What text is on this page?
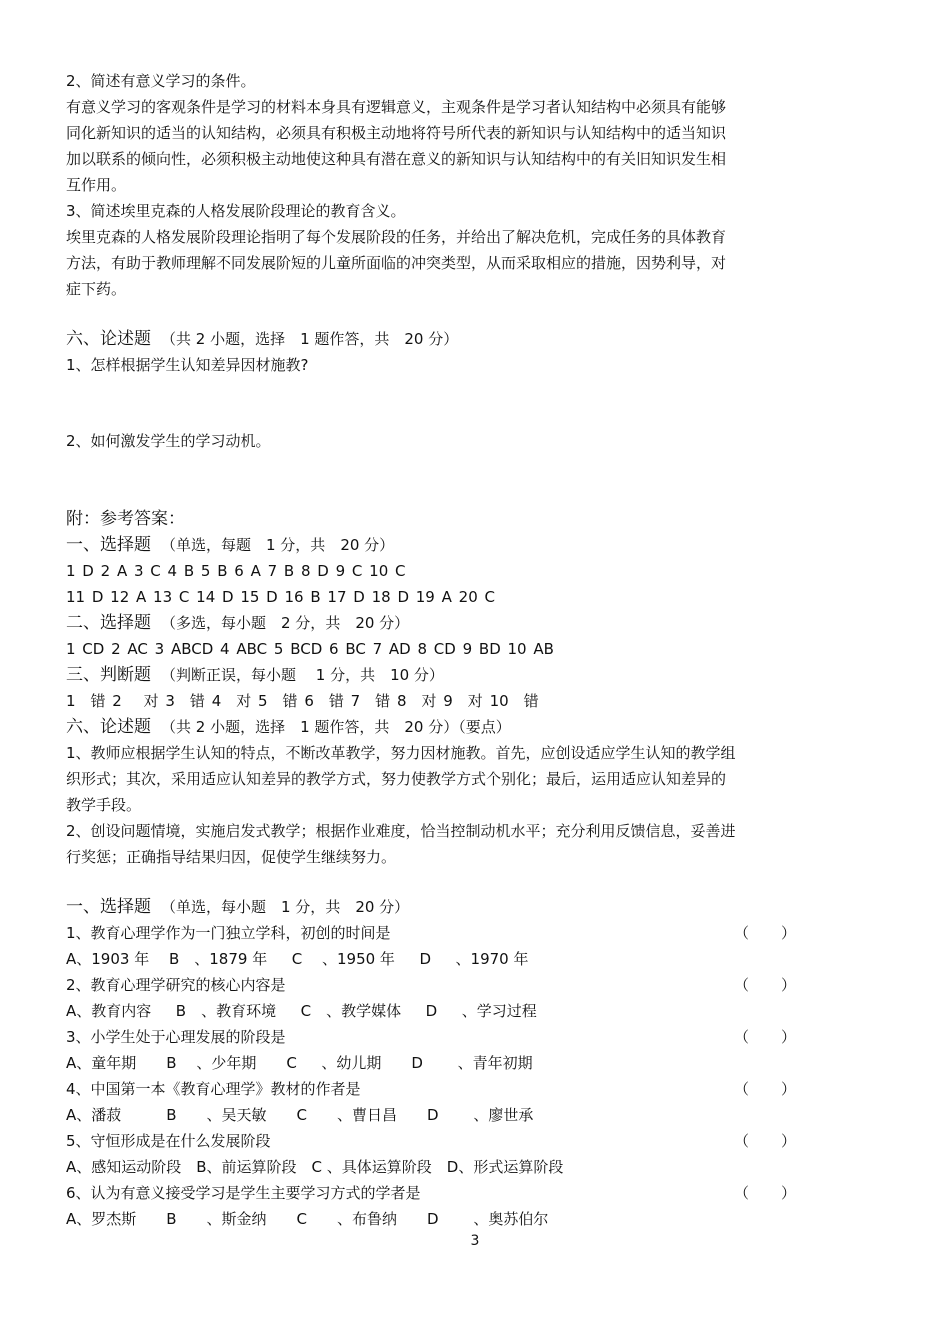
2、简述有意义学习的条件。

有意义学习的客观条件是学习的材料本身具有逻辑意义，主观条件是学习者认知结构中必须具有能够

同化新知识的适当的认知结构，必须具有积极主动地将符号所代表的新知识与认知结构中的适当知识

加以联系的倾向性，必须积极主动地使这种具有潜在意义的新知识与认知结构中的有关旧知识发生相

互作用。

3、简述埃里克森的人格发展阶段理论的教育含义。

埃里克森的人格发展阶段理论指明了每个发展阶段的任务，并给出了解决危机，完成任务的具体教育

方法，有助于教师理解不同发展阶短的儿童所面临的冲突类型，从而采取相应的措施，因势利导，对

症下药。

六、论述题 （共 2 小题，选择　1 题作答，共　20 分）

1、怎样根据学生认知差异因材施教?

2、如何激发学生的学习动机。

附：参考答案：

一、选择题 （单选，每题　1 分，共　20 分）

1 D 2 A 3 C 4 B 5 B 6 A 7 B 8 D 9 C 10 C

11 D 12 A 13 C 14 D 15 D 16 B 17 D 18 D 19 A 20 C

二、选择题 （多选，每小题　2 分，共　20 分）

1 CD 2 AC 3 ABCD 4 ABC 5 BCD 6 BC 7 AD 8 CD 9 BD 10 AB

三、判断题 （判断正误，每小题　 1 分，共　10 分）

1　错 2　 对 3　错 4　对 5　错 6　错 7　错 8　对 9　对 10　错

六、论述题 （共 2 小题，选择　1 题作答，共　20 分）（要点）

1、教师应根据学生认知的特点，不断改革教学，努力因材施教。首先，应创设适应学生认知的教学组

织形式；其次，采用适应认知差异的教学方式，努力使教学方式个别化；最后，运用适应认知差异的

教学手段。

2、创设问题情境，实施启发式教学；根据作业难度，恰当控制动机水平；充分利用反馈信息，妥善进

行奖惩；正确指导结果归因，促使学生继续努力。

一、选择题 （单选，每小题　1 分，共　20 分）

1、教育心理学作为一门独立学科，初创的时间是	（ ）

A、1903 年　 B　、1879 年　  C　 、1950 年　  D　  、1970 年

2、教育心理学研究的核心内容是	（ ）

A、教育内容　  B　、教育环境　  C　、教学媒体　  D　  、学习过程

3、小学生处于心理发展的阶段是	（ ）

A、童年期　　B　 、少年期　　C　  、幼儿期　　D　　 、青年初期

4、中国第一本《教育心理学》教材的作者是	（ ）

A、潘菽　　　B　　、吴天敏　　C　　、曹日昌　　D　　 、廖世承

5、守恒形成是在什么发展阶段	（ ）

A、感知运动阶段　B、前运算阶段　C 、具体运算阶段　D、形式运算阶段

6、认为有意义接受学习是学生主要学习方式的学者是	（ ）

A、罗杰斯　　B　　、斯金纳　　C　　、布鲁纳　　D　　 、奥苏伯尔

3
